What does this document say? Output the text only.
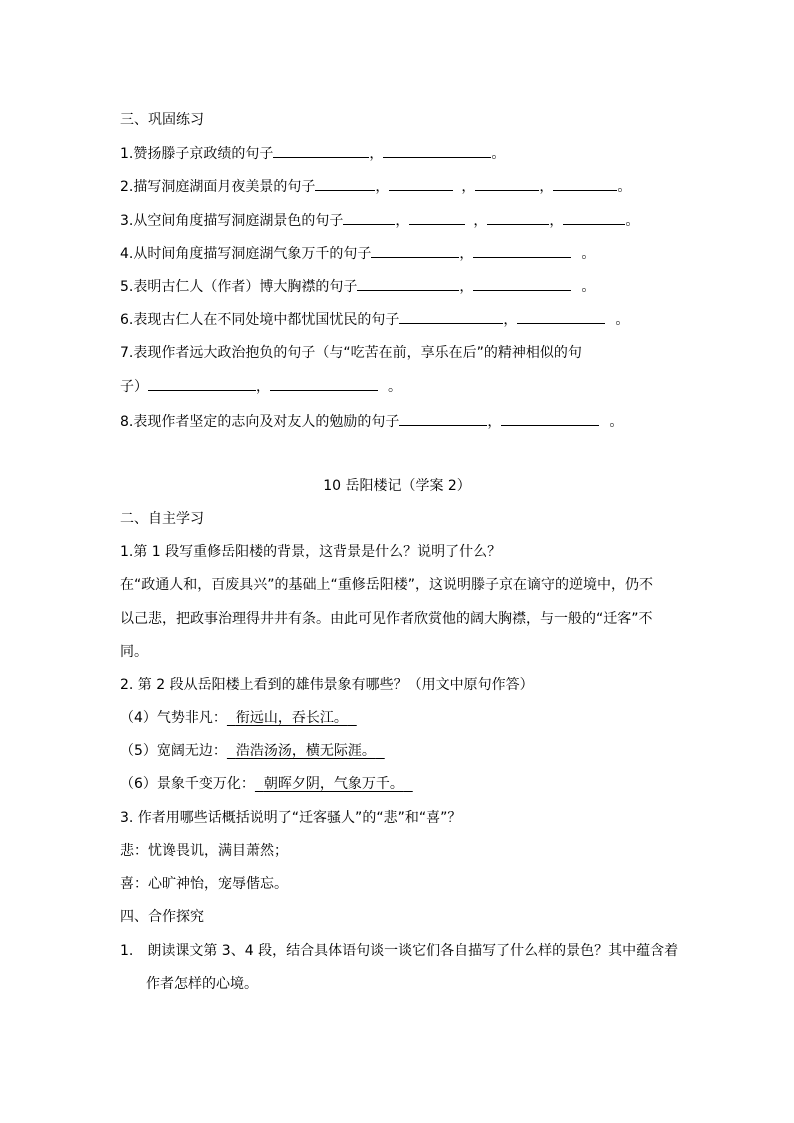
三、巩固练习
1.赞扬滕子京政绩的句子	，	。
2.描写洞庭湖面月夜美景的句子	，	，	，	。
3.从空间角度描写洞庭湖景色的句子	，	，	，	。
4.从时间角度描写洞庭湖气象万千的句子	，	。
5.表明古仁人（作者）博大胸襟的句子	，	。
6.表现古仁人在不同处境中都忧国忧民的句子	，	。
7.表现作者远大政治抱负的句子（与“吃苦在前，享乐在后”的精神相似的句
子）	，	。
8.表现作者坚定的志向及对友人的勉励的句子	，	。
10 岳阳楼记（学案 2）
二、自主学习
1.第 1 段写重修岳阳楼的背景，这背景是什么？说明了什么？
在“政通人和，百废具兴”的基础上“重修岳阳楼”，这说明滕子京在谪守的逆境中，仍不
以己悲，把政事治理得井井有条。由此可见作者欣赏他的阔大胸襟，与一般的“迁客”不
同。
2. 第 2 段从岳阳楼上看到的雄伟景象有哪些？（用文中原句作答）
（4）气势非凡： 衔远山，吞长江。
（5）宽阔无边： 浩浩汤汤，横无际涯。
（6）景象千变万化： 朝晖夕阴，气象万千。
3. 作者用哪些话概括说明了“迁客骚人”的“悲”和“喜”？
悲：忧谗畏讥，满目萧然；
喜：心旷神怡，宠辱偕忘。
四、合作探究
1. 朗读课文第 3、4 段，结合具体语句谈一谈它们各自描写了什么样的景色？其中蕴含着
作者怎样的心境。
